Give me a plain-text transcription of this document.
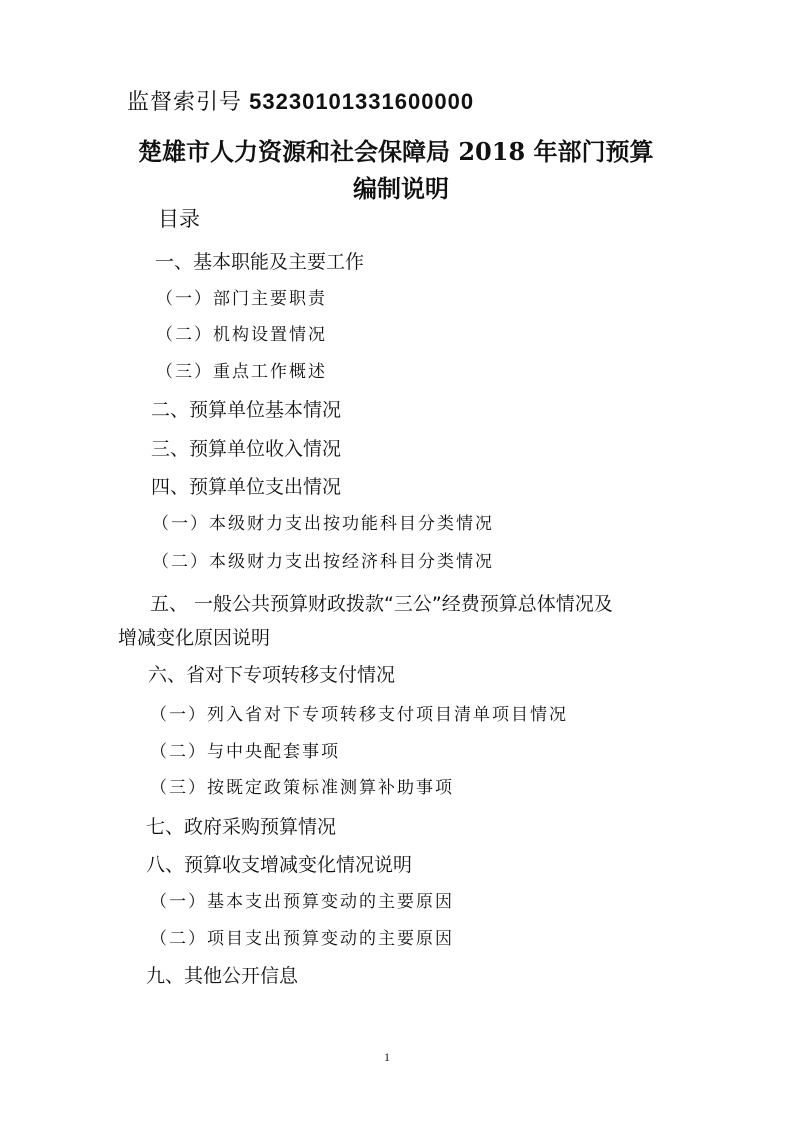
监督索引号 53230101331600000
楚雄市人力资源和社会保障局 2018 年部门预算
编制说明
目录
一、基本职能及主要工作
（一）部门主要职责
（二）机构设置情况
（三）重点工作概述
二、预算单位基本情况
三、预算单位收入情况
四、预算单位支出情况
（一）本级财力支出按功能科目分类情况
（二）本级财力支出按经济科目分类情况
五、 一般公共预算财政拨款“三公”经费预算总体情况及
增减变化原因说明
六、省对下专项转移支付情况
（一）列入省对下专项转移支付项目清单项目情况
（二）与中央配套事项
（三）按既定政策标准测算补助事项
七、政府采购预算情况
八、预算收支增减变化情况说明
（一）基本支出预算变动的主要原因
（二）项目支出预算变动的主要原因
九、其他公开信息
1
